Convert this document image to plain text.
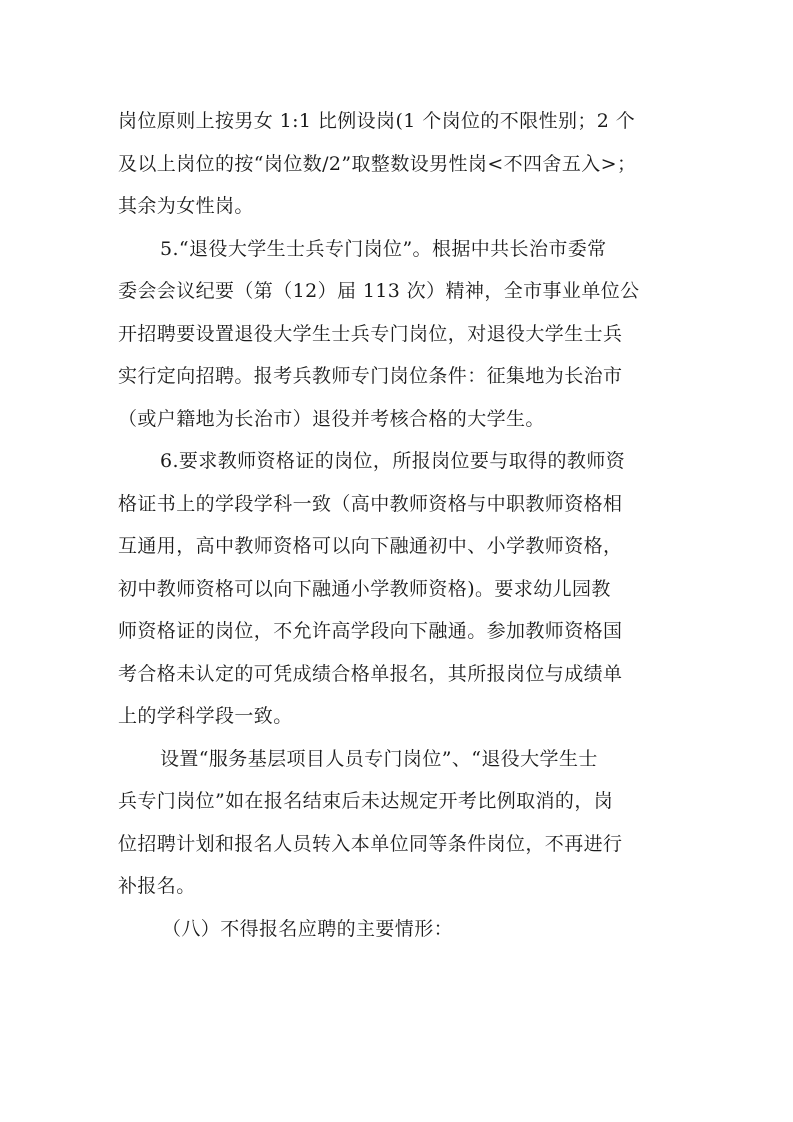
岗位原则上按男女 1:1 比例设岗(1 个岗位的不限性别；2 个
及以上岗位的按“岗位数/2”取整数设男性岗<不四舍五入>；
其余为女性岗。
5.“退役大学生士兵专门岗位”。根据中共长治市委常
委会会议纪要（第（12）届 113 次）精神，全市事业单位公
开招聘要设置退役大学生士兵专门岗位，对退役大学生士兵
实行定向招聘。报考兵教师专门岗位条件：征集地为长治市
（或户籍地为长治市）退役并考核合格的大学生。
6.要求教师资格证的岗位，所报岗位要与取得的教师资
格证书上的学段学科一致（高中教师资格与中职教师资格相
互通用，高中教师资格可以向下融通初中、小学教师资格，
初中教师资格可以向下融通小学教师资格)。要求幼儿园教
师资格证的岗位，不允许高学段向下融通。参加教师资格国
考合格未认定的可凭成绩合格单报名，其所报岗位与成绩单
上的学科学段一致。
设置“服务基层项目人员专门岗位”、“退役大学生士
兵专门岗位”如在报名结束后未达规定开考比例取消的，岗
位招聘计划和报名人员转入本单位同等条件岗位，不再进行
补报名。
（八）不得报名应聘的主要情形：
